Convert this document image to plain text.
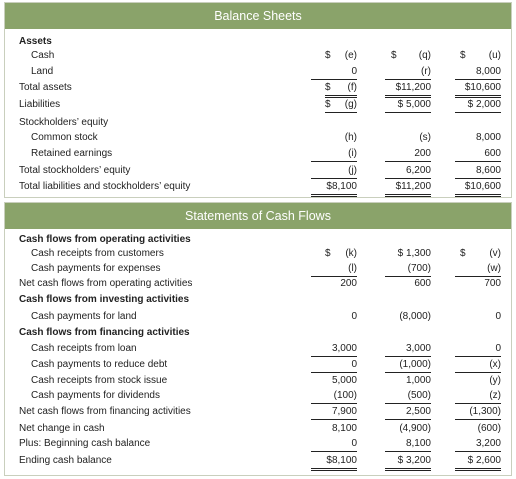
Balance Sheets
Assets
Cash	$	(e)	$	(q)	$	(u)
Land	0	(r)	8,000
Total assets	$	(f)	$11,200	$10,600
Liabilities	$	(g)	$ 5,000	$ 2,000
Stockholders’ equity
Common stock	(h)	(s)	8,000
Retained earnings	(i)	200	600
Total stockholders’ equity	(j)	6,200	8,600
Total liabilities and stockholders’ equity	$8,100	$11,200	$10,600
Statements of Cash Flows
Cash flows from operating activities
Cash receipts from customers	$	(k)	$ 1,300	$	(v)
Cash payments for expenses	(l)	(700)	(w)
Net cash flows from operating activities	200	600	700
Cash flows from investing activities
Cash payments for land	0	(8,000)	0
Cash flows from financing activities
Cash receipts from loan	3,000	3,000	0
Cash payments to reduce debt	0	(1,000)	(x)
Cash receipts from stock issue	5,000	1,000	(y)
Cash payments for dividends	(100)	(500)	(z)
Net cash flows from financing activities	7,900	2,500	(1,300)
Net change in cash	8,100	(4,900)	(600)
Plus: Beginning cash balance	0	8,100	3,200
Ending cash balance	$8,100	$ 3,200	$ 2,600
